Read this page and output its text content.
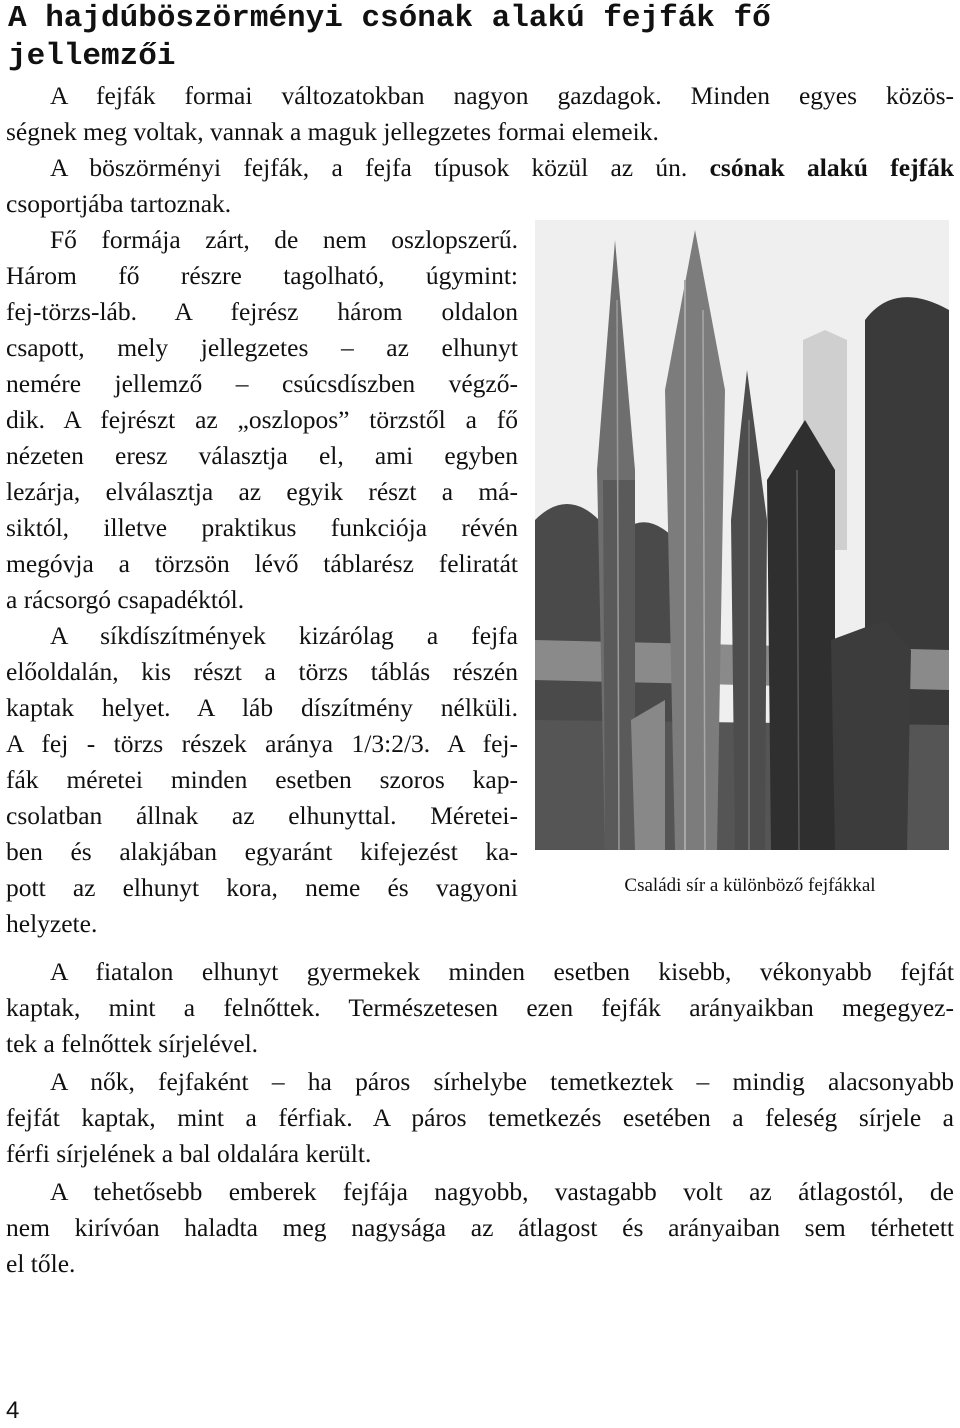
A hajdúböszörményi csónak alakú fejfák fő jellemzői
A fejfák formai változatokban nagyon gazdagok. Minden egyes közös-
ségnek meg voltak, vannak a maguk jellegzetes formai elemeik.
A böszörményi fejfák, a fejfa típusok közül az ún. csónak alakú fejfák
csoportjába tartoznak.
Fő formája zárt, de nem oszlopszerű.
Három fő részre tagolható, úgymint:
fej-törzs-láb. A fejrész három oldalon
csapott, mely jellegzetes – az elhunyt
nemére jellemző – csúcsdíszben végző-
dik. A fejrészt az „oszlopos” törzstől a fő
nézeten eresz választja el, ami egyben
lezárja, elválasztja az egyik részt a má-
siktól, illetve praktikus funkciója révén
megóvja a törzsön lévő táblarész feliratát
a rácsorgó csapadéktól.
A síkdíszítmények kizárólag a fejfa
előoldalán, kis részt a törzs táblás részén
kaptak helyet. A láb díszítmény nélküli.
A fej - törzs részek aránya 1/3:2/3. A fej-
fák méretei minden esetben szoros kap-
csolatban állnak az elhunyttal. Méretei-
ben és alakjában egyaránt kifejezést ka-
pott az elhunyt kora, neme és vagyoni
helyzete.
Családi sír a különböző fejfákkal
A fiatalon elhunyt gyermekek minden esetben kisebb, vékonyabb fejfát
kaptak, mint a felnőttek. Természetesen ezen fejfák arányaikban megegyez-
tek a felnőttek sírjelével.
A nők, fejfaként – ha páros sírhelybe temetkeztek – mindig alacsonyabb
fejfát kaptak, mint a férfiak. A páros temetkezés esetében a feleség sírjele a
férfi sírjelének a bal oldalára került.
A tehetősebb emberek fejfája nagyobb, vastagabb volt az átlagostól, de
nem kirívóan haladta meg nagysága az átlagost és arányaiban sem térhetett
el tőle.
4
